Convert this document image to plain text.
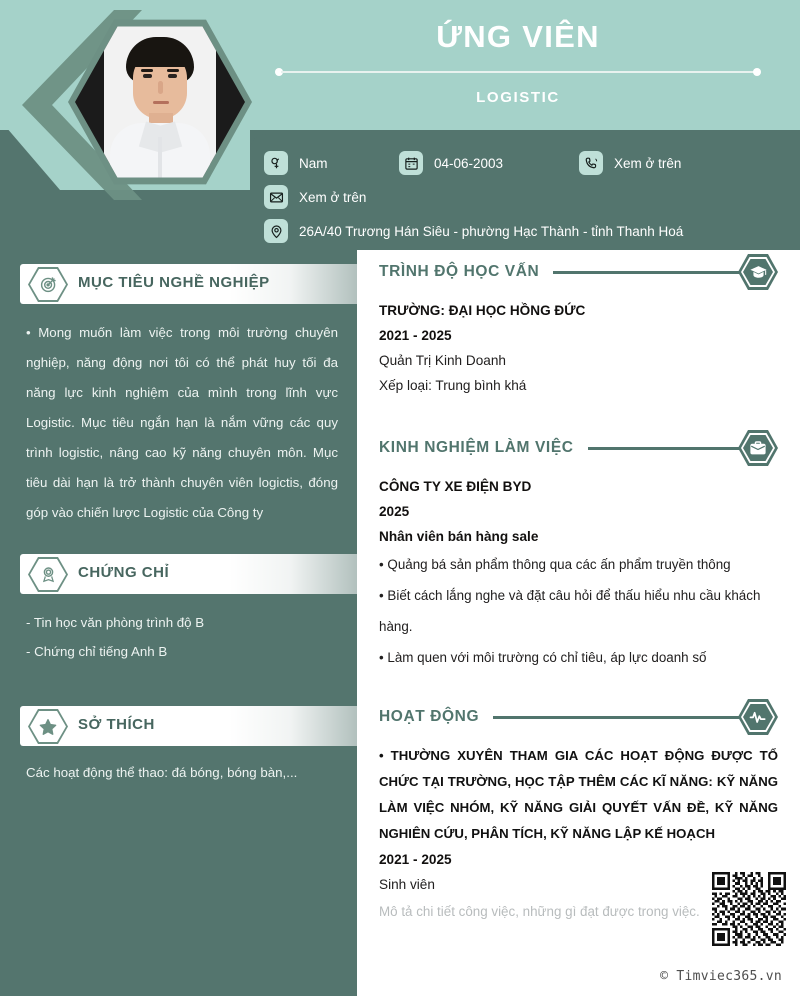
ỨNG VIÊN
LOGISTIC
Nam	04-06-2003	Xem ở trên
Xem ở trên
26A/40 Trương Hán Siêu - phường Hạc Thành - tỉnh Thanh Hoá
MỤC TIÊU NGHỀ NGHIỆP
• Mong muốn làm việc trong môi trường chuyên nghiệp, năng động nơi tôi có thể phát huy tối đa năng lực kinh nghiệm của mình trong lĩnh vực Logistic. Mục tiêu ngắn hạn là nắm vững các quy trình logistic, nâng cao kỹ năng chuyên môn. Mục tiêu dài hạn là trở thành chuyên viên logictis, đóng góp vào chiến lược Logistic của Công ty
CHỨNG CHỈ
- Tin học văn phòng trình độ B
- Chứng chỉ tiếng Anh B
SỞ THÍCH
Các hoạt động thể thao: đá bóng, bóng bàn,...
TRÌNH ĐỘ HỌC VẤN
TRƯỜNG: ĐẠI HỌC HỒNG ĐỨC
2021 - 2025
Quản Trị Kinh Doanh
Xếp loại: Trung bình khá
KINH NGHIỆM LÀM VIỆC
CÔNG TY XE ĐIỆN BYD
2025
Nhân viên bán hàng sale
• Quảng bá sản phẩm thông qua các ấn phẩm truyền thông
• Biết cách lắng nghe và đặt câu hỏi để thấu hiểu nhu cầu khách hàng.
• Làm quen với môi trường có chỉ tiêu, áp lực doanh số
HOẠT ĐỘNG
• THƯỜNG XUYÊN THAM GIA CÁC HOẠT ĐỘNG ĐƯỢC TỔ CHỨC TẠI TRƯỜNG, HỌC TẬP THÊM CÁC KĨ NĂNG: KỸ NĂNG LÀM VIỆC NHÓM, KỸ NĂNG GIẢI QUYẾT VẤN ĐỀ, KỸ NĂNG NGHIÊN CỨU, PHÂN TÍCH, KỸ NĂNG LẬP KẾ HOẠCH
2021 - 2025
Sinh viên
Mô tả chi tiết công việc, những gì đạt được trong việc.
© Timviec365.vn
